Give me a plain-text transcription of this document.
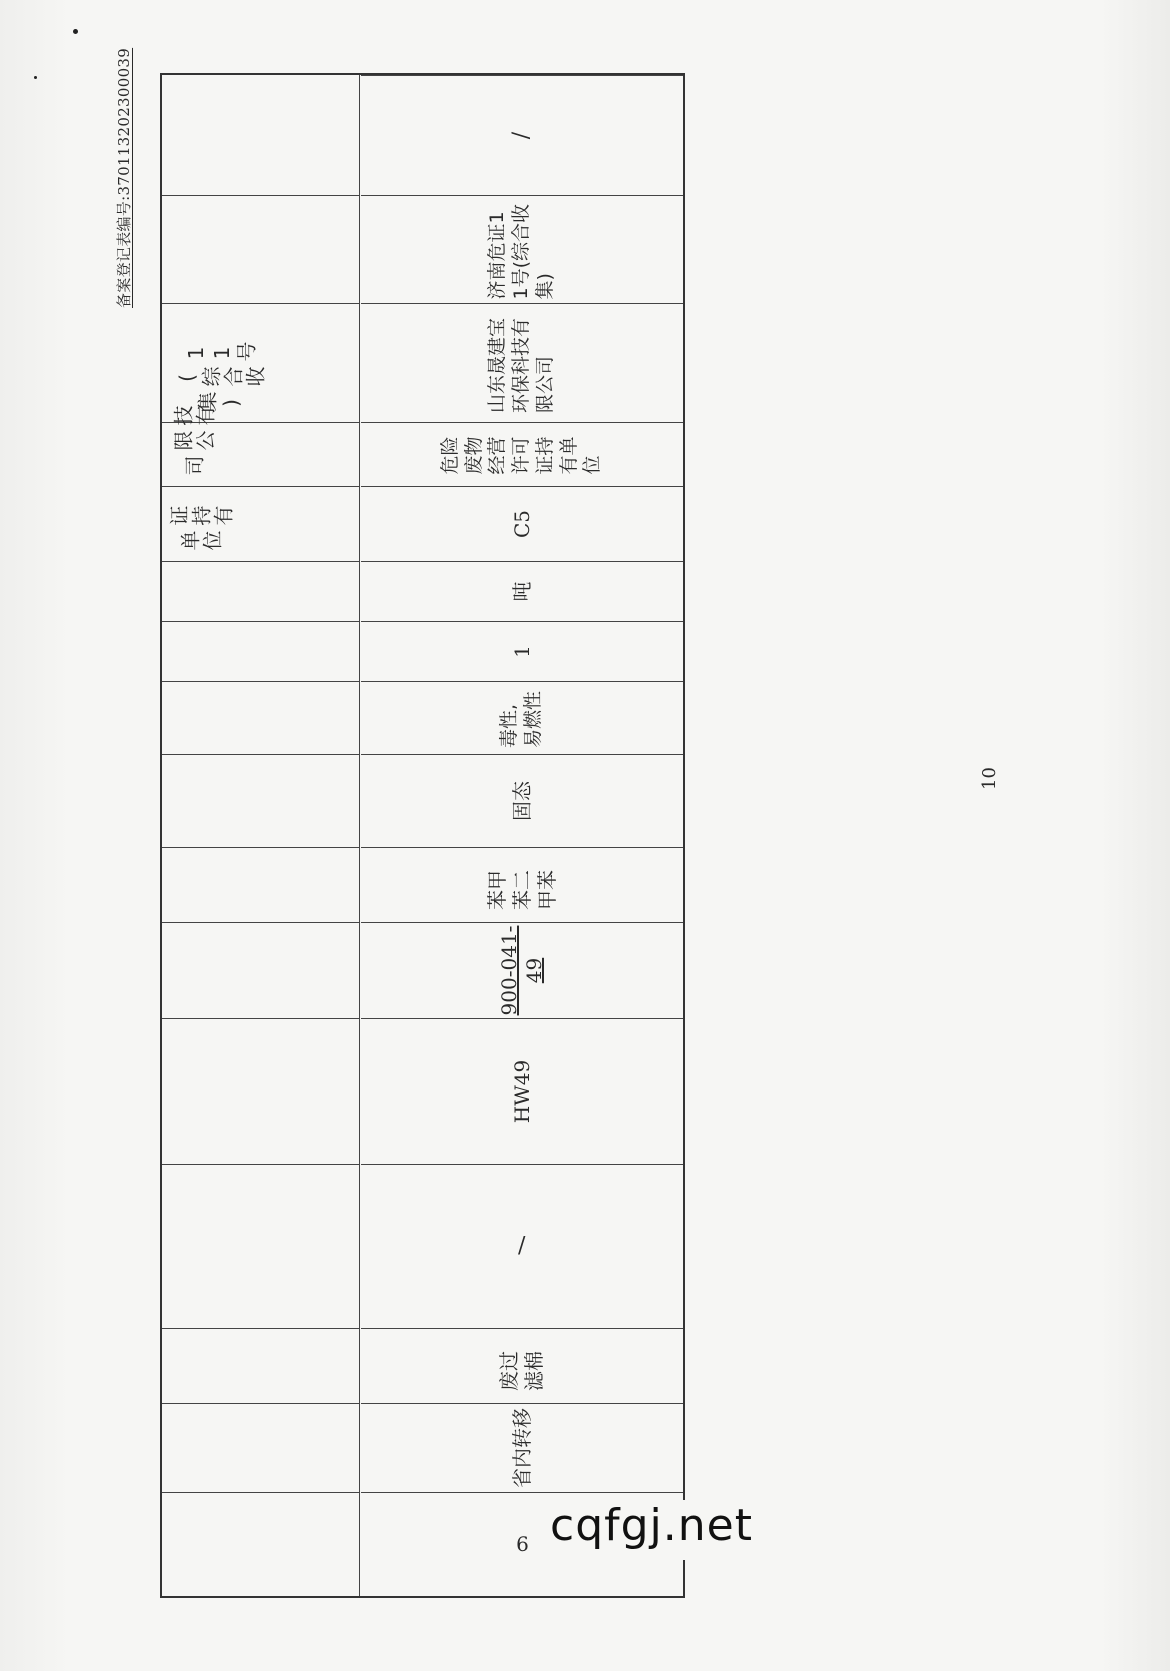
备案登记表编号:370113202300039
证持有单位
技有限公司
11号(综合收集)
6
省内转移
废过滤棉
/
HW49
900-041-49
苯甲苯二甲苯
固态
毒性,易燃性
1
吨
C5
危险废物经营许可证持有单位
山东晟建宝环保科技有限公司
济南危证11号(综合收集)
/
10
cqfgj.net
